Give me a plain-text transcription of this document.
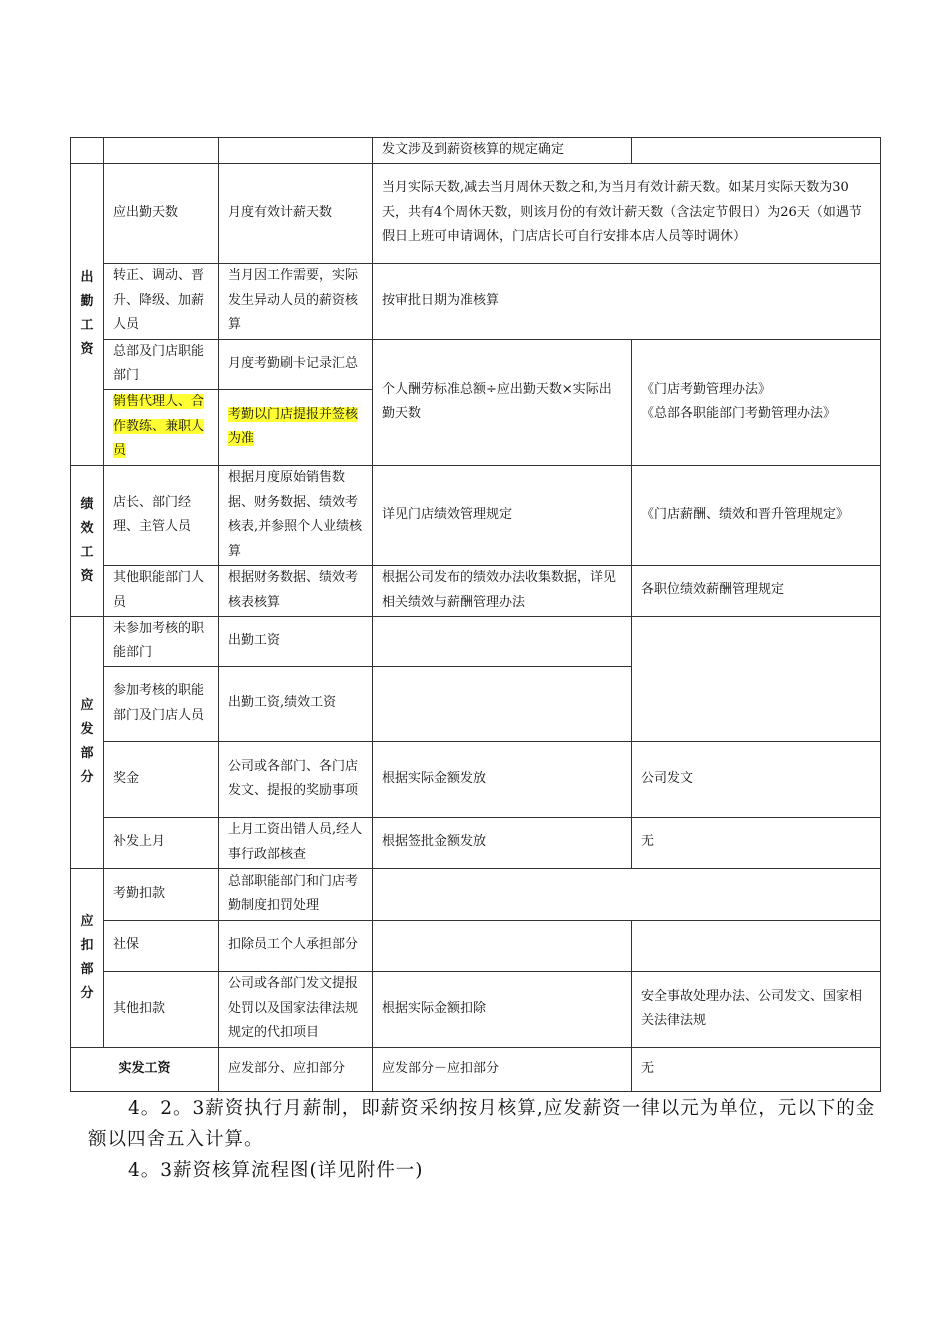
			发文涉及到薪资核算的规定确定	
出勤工资	应出勤天数	月度有效计薪天数	当月实际天数,减去当月周休天数之和,为当月有效计薪天数。如某月实际天数为30天，共有4个周休天数，则该月份的有效计薪天数（含法定节假日）为26天（如遇节假日上班可申请调休，门店店长可自行安排本店人员等时调休）	
	转正、调动、晋升、降级、加薪人员	当月因工作需要，实际发生异动人员的薪资核算	按审批日期为准核算	
	总部及门店职能部门	月度考勤刷卡记录汇总	个人酬劳标准总额÷应出勤天数×实际出勤天数	《门店考勤管理办法》
《总部各职能部门考勤管理办法》
	销售代理人、合作教练、兼职人员	考勤以门店提报并签核为准		
绩效工资	店长、部门经理、主管人员	根据月度原始销售数据、财务数据、绩效考核表,并参照个人业绩核算	详见门店绩效管理规定	《门店薪酬、绩效和晋升管理规定》
	其他职能部门人员	根据财务数据、绩效考核表核算	根据公司发布的绩效办法收集数据，详见相关绩效与薪酬管理办法	各职位绩效薪酬管理规定
应发部分	未参加考核的职能部门	出勤工资		
	参加考核的职能部门及门店人员	出勤工资,绩效工资		
	奖金	公司或各部门、各门店发文、提报的奖励事项	根据实际金额发放	公司发文
	补发上月	上月工资出错人员,经人事行政部核查	根据签批金额发放	无
应扣部分	考勤扣款	总部职能部门和门店考勤制度扣罚处理		
	社保	扣除员工个人承担部分		
	其他扣款	公司或各部门发文提报处罚以及国家法律法规规定的代扣项目	根据实际金额扣除	安全事故处理办法、公司发文、国家相关法律法规
实发工资		应发部分、应扣部分	应发部分－应扣部分	无
4。2。3薪资执行月薪制，即薪资采纳按月核算,应发薪资一律以元为单位，元以下的金额以四舍五入计算。
4。3薪资核算流程图(详见附件一)
